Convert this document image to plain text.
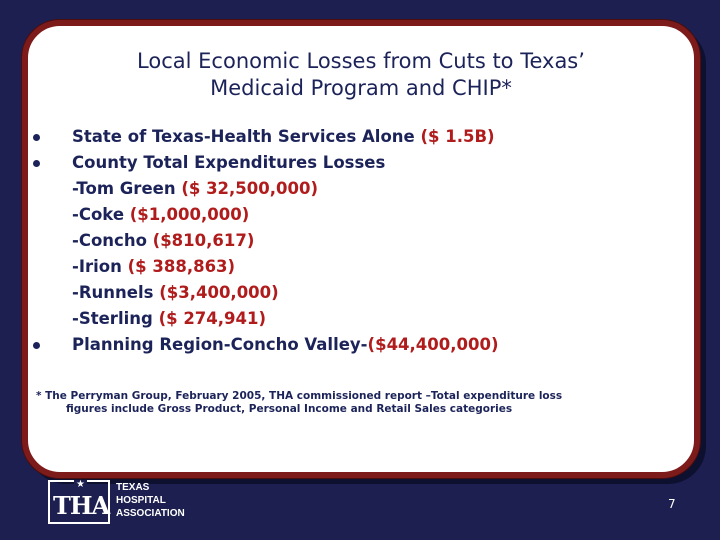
Local Economic Losses from Cuts to Texas’
Medicaid Program and CHIP*
State of Texas-Health Services Alone ($ 1.5B)
County Total Expenditures Losses
-Tom Green ($ 32,500,000)
-Coke ($1,000,000)
-Concho ($810,617)
-Irion ($ 388,863)
-Runnels ($3,400,000)
-Sterling ($ 274,941)
Planning Region-Concho Valley-($44,400,000)
* The Perryman Group, February 2005, THA commissioned report –Total expenditure loss
figures include Gross Product, Personal Income and Retail Sales categories
★
THA
TEXAS
HOSPITAL
ASSOCIATION
7
